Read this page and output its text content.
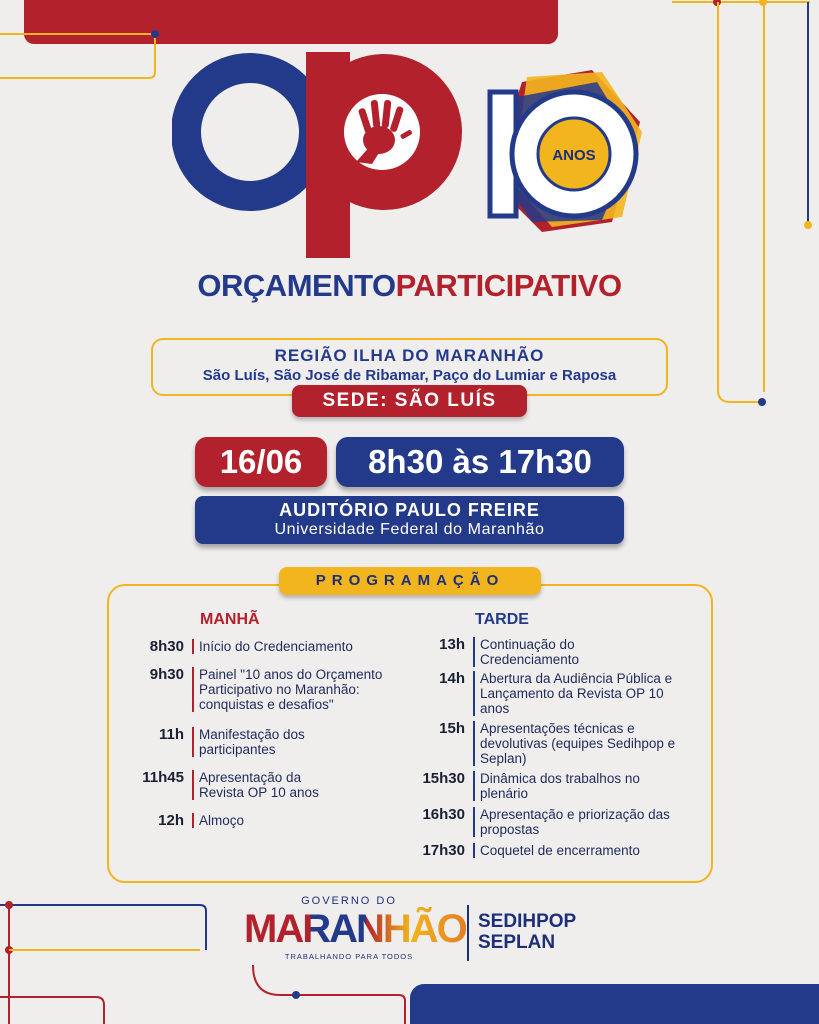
ANOS
ORÇAMENTOPARTICIPATIVO
REGIÃO ILHA DO MARANHÃO
São Luís, São José de Ribamar, Paço do Lumiar e Raposa
SEDE: SÃO LUÍS
16/06	8h30 às 17h30
AUDITÓRIO PAULO FREIRE
Universidade Federal do Maranhão
PROGRAMAÇÃO
MANHÃ	TARDE
8h30	Início do Credenciamento
9h30	Painel "10 anos do Orçamento Participativo no Maranhão: conquistas e desafios"
11h	Manifestação dos participantes
11h45	Apresentação da Revista OP 10 anos
12h	Almoço
13h	Continuação do Credenciamento
14h	Abertura da Audiência Pública e Lançamento da Revista OP 10 anos
15h	Apresentações técnicas e devolutivas (equipes Sedihpop e Seplan)
15h30	Dinâmica dos trabalhos no plenário
16h30	Apresentação e priorização das propostas
17h30	Coquetel de encerramento
GOVERNO DO
MARANHÃO
TRABALHANDO PARA TODOS
SEDIHPOP
SEPLAN
